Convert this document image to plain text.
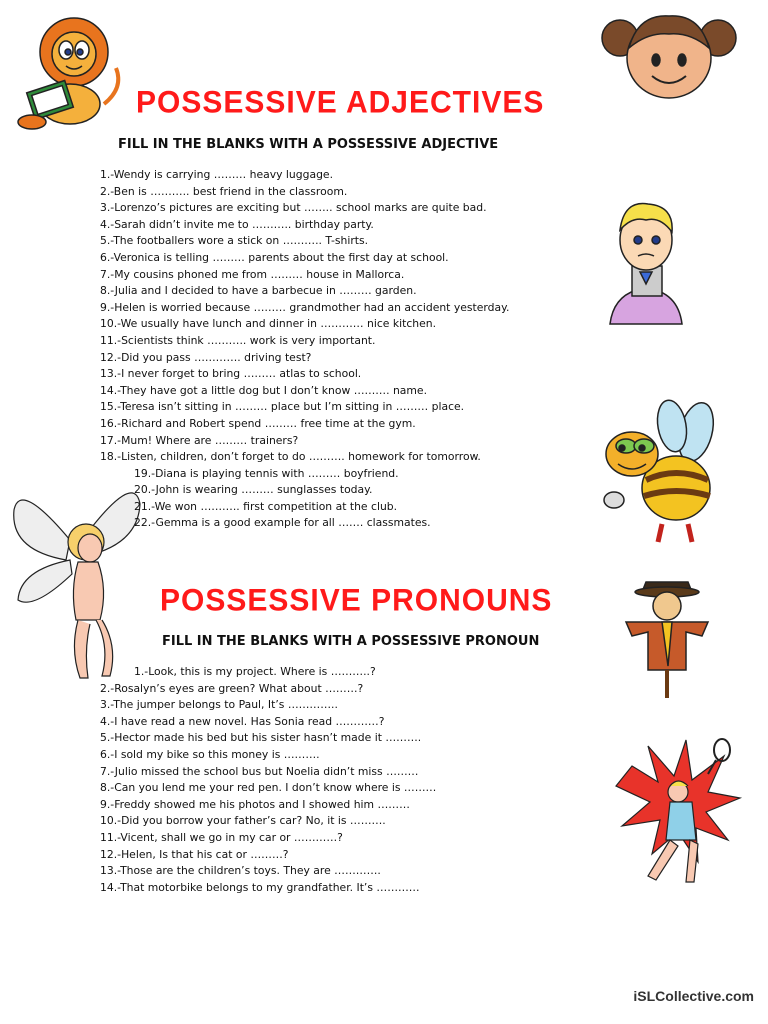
POSSESSIVE ADJECTIVES

FILL IN THE BLANKS WITH A POSSESSIVE ADJECTIVE

1.-Wendy is carrying ……… heavy luggage.
2.-Ben is ……….. best friend in the classroom.
3.-Lorenzo’s pictures are exciting but …….. school marks are quite bad.
4.-Sarah didn’t invite me to ……….. birthday party.
5.-The footballers wore a stick on ……….. T-shirts.
6.-Veronica is telling ……… parents about the first day at school.
7.-My cousins phoned me from ……… house in Mallorca.
8.-Julia and I decided to have a barbecue in ……… garden.
9.-Helen is worried because ……… grandmother had an accident yesterday.
10.-We usually have lunch and dinner in ………… nice kitchen.
11.-Scientists think ……….. work is very important.
12.-Did you pass …………. driving test?
13.-I never forget to bring ……… atlas to school.
14.-They have got a little dog but I don’t know ………. name.
15.-Teresa isn’t sitting in ……… place but I’m sitting in ……… place.
16.-Richard and Robert spend ……… free time at the gym.
17.-Mum! Where are ……… trainers?
18.-Listen, children, don’t forget to do ………. homework for tomorrow.
19.-Diana is playing tennis with ……… boyfriend.
20.-John is wearing ……… sunglasses today.
21.-We won ……….. first competition at the club.
22.-Gemma is a good example for all ……. classmates.
POSSESSIVE PRONOUNS

FILL IN THE BLANKS WITH A POSSESSIVE PRONOUN

1.-Look, this is my project. Where is ………..?
2.-Rosalyn’s eyes are green? What about ………?
3.-The jumper belongs to Paul, It’s …………..
4.-I have read a new novel. Has Sonia read …………?
5.-Hector made his bed but his sister hasn’t made it ……….
6.-I sold my bike so this money is ……….
7.-Julio missed the school bus but Noelia didn’t miss ………
8.-Can you lend me your red pen. I don’t know where is ………
9.-Freddy showed me his photos and I showed him ………
10.-Did you borrow your father’s car? No, it is ……….
11.-Vicent, shall we go in my car or …………?
12.-Helen, Is that his cat or ………?
13.-Those are the children’s toys. They are ………….
14.-That motorbike belongs to my grandfather. It’s …………

iSLCollective.com
